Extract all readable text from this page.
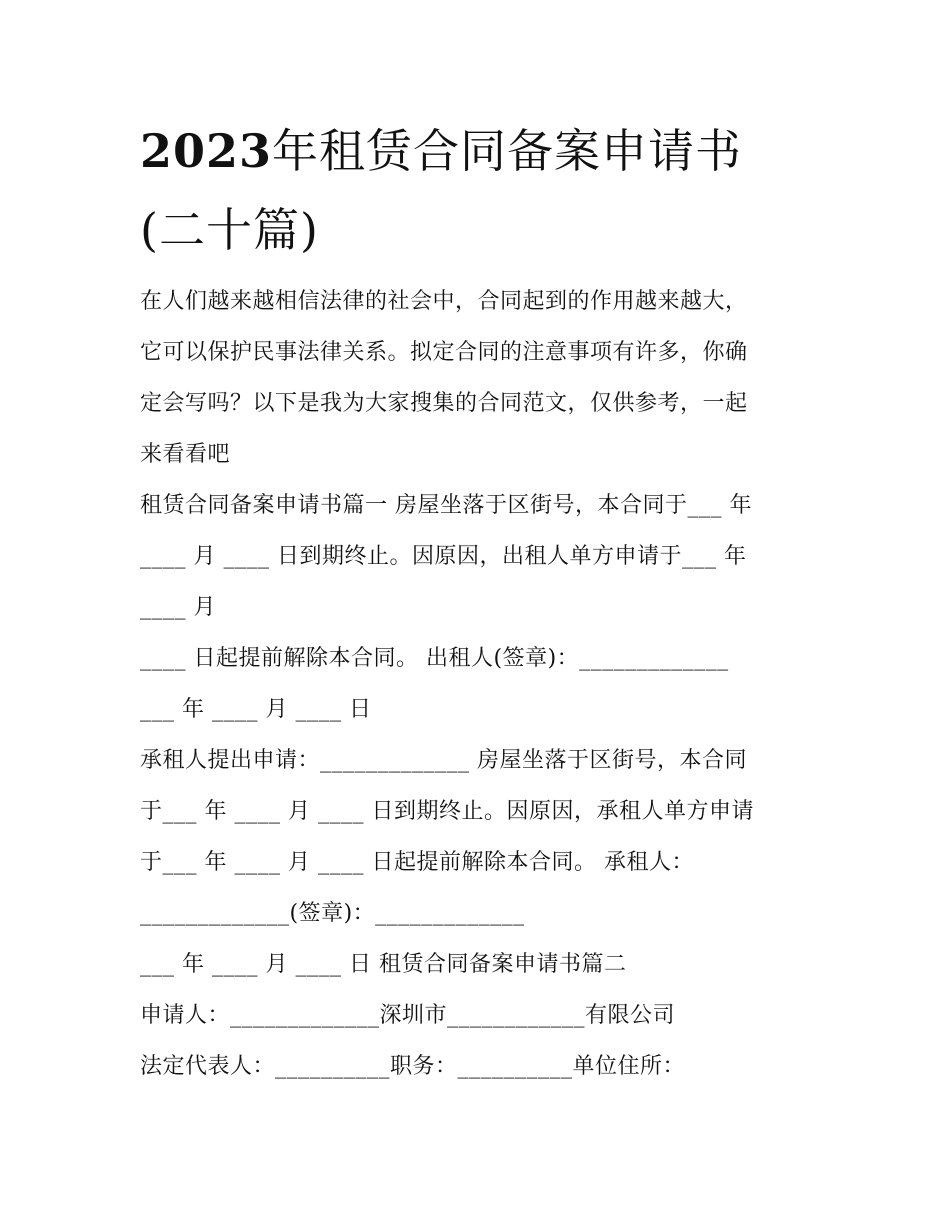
2023年租赁合同备案申请书
(二十篇)
在人们越来越相信法律的社会中，合同起到的作用越来越大，
它可以保护民事法律关系。拟定合同的注意事项有许多，你确
定会写吗？以下是我为大家搜集的合同范文，仅供参考，一起
来看看吧
租赁合同备案申请书篇一 房屋坐落于区街号，本合同于___ 年
____ 月 ____ 日到期终止。因原因，出租人单方申请于___ 年
____ 月
____ 日起提前解除本合同。 出租人(签章)：_____________
___ 年 ____ 月 ____ 日
承租人提出申请：_____________ 房屋坐落于区街号，本合同
于___ 年 ____ 月 ____ 日到期终止。因原因，承租人单方申请
于___ 年 ____ 月 ____ 日起提前解除本合同。 承租人：
_____________(签章)：_____________
___ 年 ____ 月 ____ 日 租赁合同备案申请书篇二
申请人：_____________深圳市____________有限公司
法定代表人：__________职务：__________单位住所：
